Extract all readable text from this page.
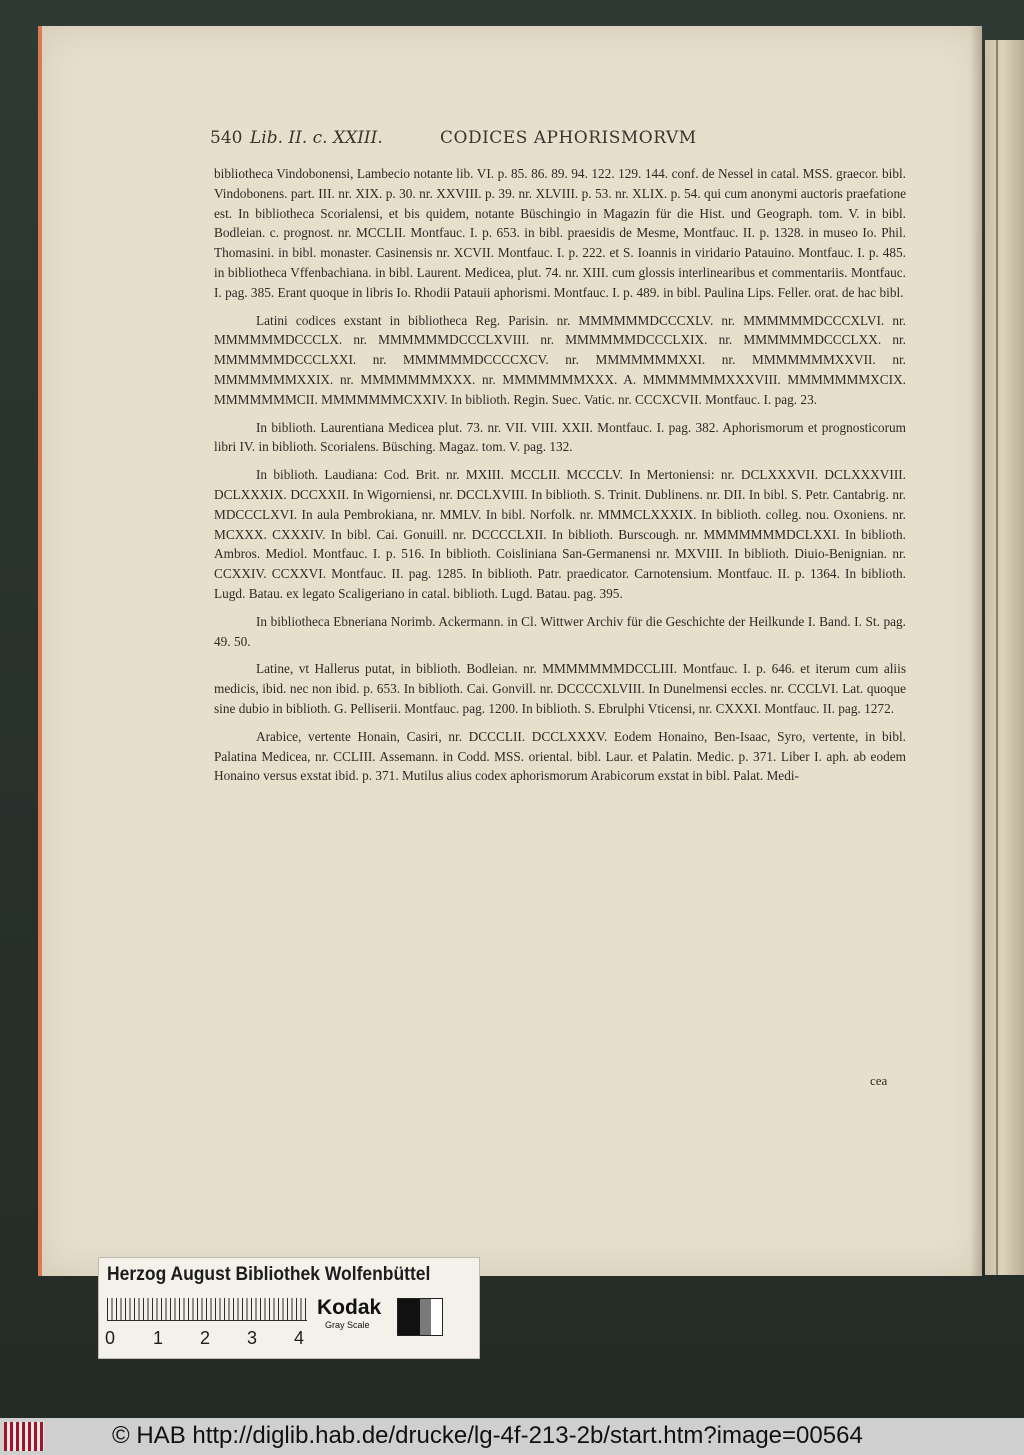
540 Lib. II. c. XXIII.	CODICES APHORISMORVM

bibliotheca Vindobonensi, Lambecio notante lib. VI. p. 85. 86. 89. 94. 122. 129. 144. conf. de Nessel in catal. MSS. graecor. bibl. Vindobonens. part. III. nr. XIX. p. 30. nr. XXVIII. p. 39. nr. XLVIII. p. 53. nr. XLIX. p. 54. qui cum anonymi auctoris praefatione est. In bibliotheca Scorialensi, et bis quidem, notante Büschingio in Magazin für die Hist. und Geograph. tom. V. in bibl. Bodleian. c. prognost. nr. MCCLII. Montfauc. I. p. 653. in bibl. praesidis de Mesme, Montfauc. II. p. 1328. in museo Io. Phil. Thomasini. in bibl. monaster. Casinensis nr. XCVII. Montfauc. I. p. 222. et S. Ioannis in viridario Patauino. Montfauc. I. p. 485. in bibliotheca Vffenbachiana. in bibl. Laurent. Medicea, plut. 74. nr. XIII. cum glossis interlinearibus et commentariis. Montfauc. I. pag. 385. Erant quoque in libris Io. Rhodii Patauii aphorismi. Montfauc. I. p. 489. in bibl. Paulina Lips. Feller. orat. de hac bibl.

Latini codices exstant in bibliotheca Reg. Parisin. nr. MMMMMMDCCCXLV. nr. MMMMMMDCCCXLVI. nr. MMMMMMDCCCLX. nr. MMMMMMDCCCLXVIII. nr. MMMMMMDCCCLXIX. nr. MMMMMMDCCCLXX. nr. MMMMMMDCCCLXXI. nr. MMMMMMDCCCCXCV. nr. MMMMMMMXXI. nr. MMMMMMMXXVII. nr. MMMMMMMXXIX. nr. MMMMMMMXXX. nr. MMMMMMMXXX. A. MMMMMMMXXXVIII. MMMMMMMXCIX. MMMMMMMCII. MMMMMMMCXXIV. In biblioth. Regin. Suec. Vatic. nr. CCCXCVII. Montfauc. I. pag. 23.

In biblioth. Laurentiana Medicea plut. 73. nr. VII. VIII. XXII. Montfauc. I. pag. 382. Aphorismorum et prognosticorum libri IV. in biblioth. Scorialens. Büsching. Magaz. tom. V. pag. 132.

In biblioth. Laudiana: Cod. Brit. nr. MXIII. MCCLII. MCCCLV. In Mertoniensi: nr. DCLXXXVII. DCLXXXVIII. DCLXXXIX. DCCXXII. In Wigorniensi, nr. DCCLXVIII. In biblioth. S. Trinit. Dublinens. nr. DII. In bibl. S. Petr. Cantabrig. nr. MDCCCLXVI. In aula Pembrokiana, nr. MMLV. In bibl. Norfolk. nr. MMMCLXXXIX. In biblioth. colleg. nou. Oxoniens. nr. MCXXX. CXXXIV. In bibl. Cai. Gonuill. nr. DCCCCLXII. In biblioth. Burscough. nr. MMMMMMMDCLXXI. In biblioth. Ambros. Mediol. Montfauc. I. p. 516. In biblioth. Coisliniana San-Germanensi nr. MXVIII. In biblioth. Diuio-Benignian. nr. CCXXIV. CCXXVI. Montfauc. II. pag. 1285. In biblioth. Patr. praedicator. Carnotensium. Montfauc. II. p. 1364. In biblioth. Lugd. Batau. ex legato Scaligeriano in catal. biblioth. Lugd. Batau. pag. 395.

In bibliotheca Ebneriana Norimb. Ackermann. in Cl. Wittwer Archiv für die Geschichte der Heilkunde I. Band. I. St. pag. 49. 50.

Latine, vt Hallerus putat, in biblioth. Bodleian. nr. MMMMMMMDCCLIII. Montfauc. I. p. 646. et iterum cum aliis medicis, ibid. nec non ibid. p. 653. In biblioth. Cai. Gonvill. nr. DCCCCXLVIII. In Dunelmensi eccles. nr. CCCLVI. Lat. quoque sine dubio in biblioth. G. Pelliserii. Montfauc. pag. 1200. In biblioth. S. Ebrulphi Vticensi, nr. CXXXI. Montfauc. II. pag. 1272.

Arabice, vertente Honain, Casiri, nr. DCCCLII. DCCLXXXV. Eodem Honaino, Ben-Isaac, Syro, vertente, in bibl. Palatina Medicea, nr. CCLIII. Assemann. in Codd. MSS. oriental. bibl. Laur. et Palatin. Medic. p. 371. Liber I. aph. ab eodem Honaino versus exstat ibid. p. 371. Mutilus alius codex aphorismorum Arabicorum exstat in bibl. Palat. Medi-

cea
Herzog August Bibliothek Wolfenbüttel
0 1 2 3 4
Kodak
Gray Scale
© HAB http://diglib.hab.de/drucke/lg-4f-213-2b/start.htm?image=00564
